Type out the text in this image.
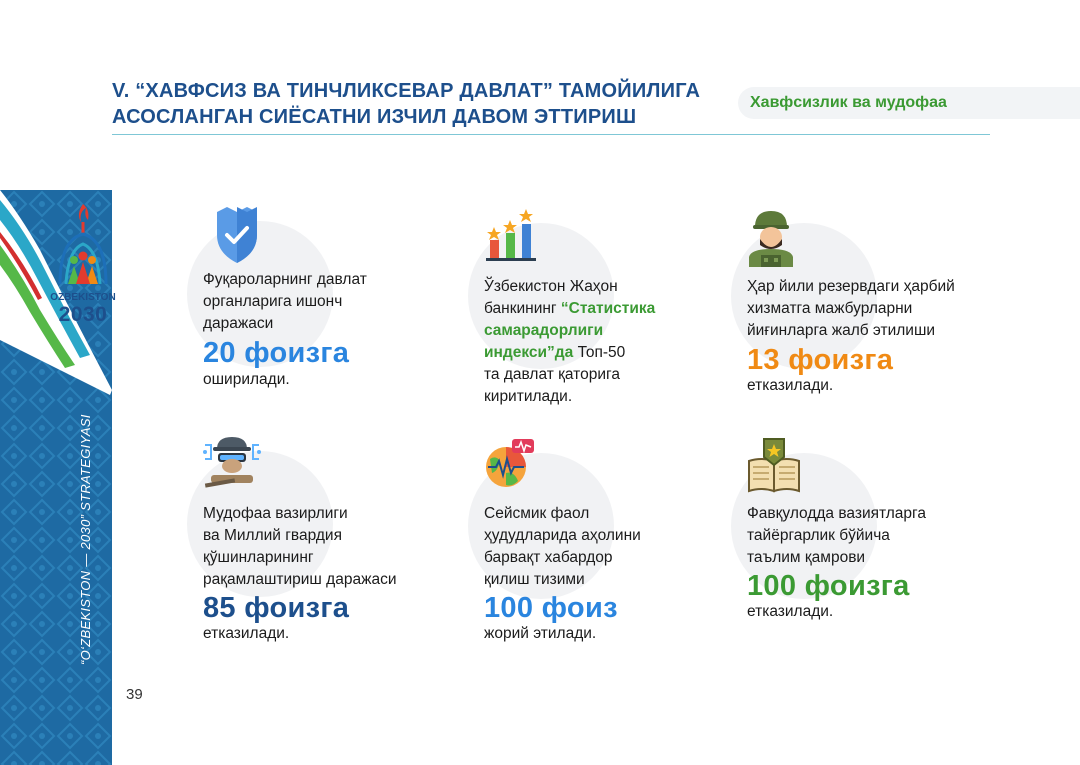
OZBEKISTON
2030
“O‘ZBEKISTON — 2030” STRATEGIYASI
39
V. “ХАВФСИЗ ВА ТИНЧЛИКСЕВАР ДАВЛАТ” ТАМОЙИЛИГА
АСОСЛАНГАН СИЁСАТНИ ИЗЧИЛ ДАВОМ ЭТТИРИШ
Хавфсизлик ва мудофаа
Фуқароларнинг давлат
органларига ишонч
даражаси
20 фоизга
оширилади.
Ўзбекистон Жаҳон
банкининг “Статистика
самарадорлиги
индекси”да Топ-50
та давлат қаторига
киритилади.
Ҳар йили резервдаги ҳарбий
хизматга мажбурларни
йиғинларга жалб этилиши
13 фоизга
етказилади.
Мудофаа вазирлиги
ва Миллий гвардия
қўшинларининг
рақамлаштириш даражаси
85 фоизга
етказилади.
Сейсмик фаол
ҳудудларида аҳолини
барвақт хабардор
қилиш тизими
100 фоиз
жорий этилади.
Фавқулодда вазиятларга
тайёргарлик бўйича
таълим қамрови
100 фоизга
етказилади.
